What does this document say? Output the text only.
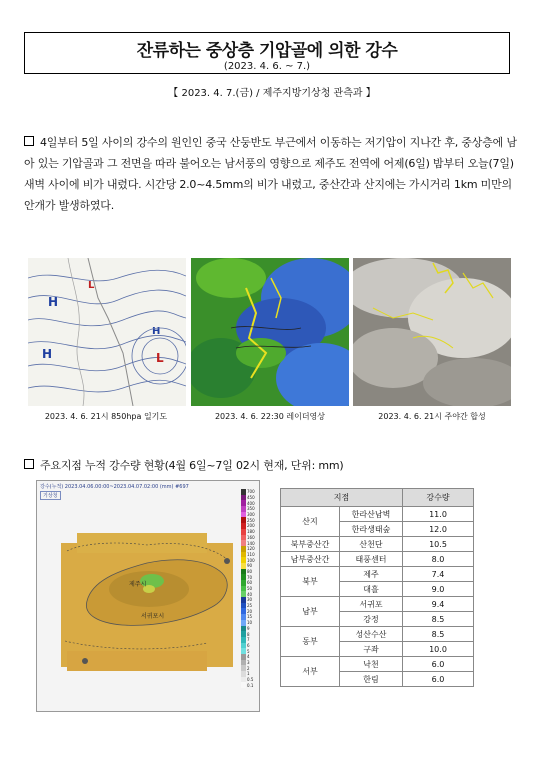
잔류하는 중상층 기압골에 의한 강수
(2023. 4. 6. ~ 7.)
【 2023. 4. 7.(금) / 제주지방기상청 관측과 】
4일부터 5일 사이의 강수의 원인인 중국 산둥반도 부근에서 이동하는 저기압이 지나간 후, 중상층에 남아 있는 기압골과 그 전면을 따라 불어오는 남서풍의 영향으로 제주도 전역에 어제(6일) 밤부터 오늘(7일) 새벽 사이에 비가 내렸다. 시간당 2.0~4.5mm의 비가 내렸고, 중산간과 산지에는 가시거리 1km 미만의 안개가 발생하였다.
H
L
H	L
H
2023. 4. 6. 21시 850hpa 일기도	2023. 4. 6. 22:30 레이더영상	2023. 4. 6. 21시 주야간 합성
주요지점 누적 강수량 현황(4월 6일~7일 02시 현재, 단위: mm)
강수(누적) 2023.04.06.00:00~2023.04.07.02:00 (mm) #697
기상청
제주시
서귀포시
700
450
400
350
300
250
200
180
160
140
120
110
100
90
80
70
60
50
40
30
25
20
15
10
9
8
7
6
5
4
3
2
1
0.5
0.1
지점		강수량
산지	한라산남벽	11.0
	한라생태숲	12.0
북부중산간	산천단	10.5
남부중산간	태풍센터	8.0
북부	제주	7.4
	대흘	9.0
남부	서귀포	9.4
	강정	8.5
동부	성산수산	8.5
	구좌	10.0
서부	낙천	6.0
	한림	6.0
